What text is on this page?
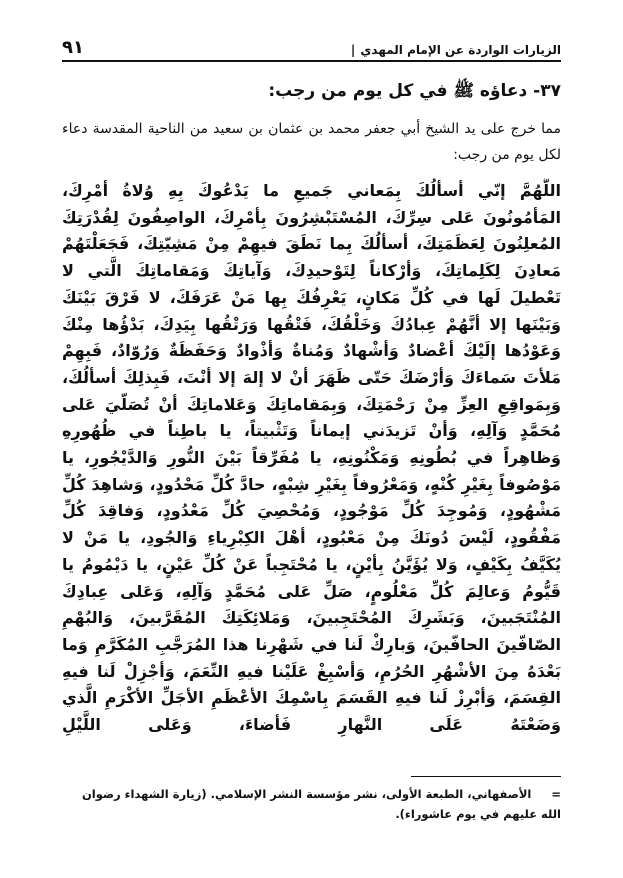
الزيارات الواردة عن الإمام المهدي |
٩١
٣٧- دعاؤه ﷺ في كل يوم من رجب:
مما خرج على يد الشيخ أبي جعفر محمد بن عثمان بن سعيد من الناحية المقدسة دعاء لكل يوم من رجب:
اللَّهُمَّ إنّي أسألُكَ بِمَعاني جَميعِ ما يَدْعُوكَ بِهِ وُلاةُ أمْرِكَ، المَأمُونُونَ عَلى سِرِّكَ، المُسْتَبْشِرُونَ بِأمْرِكَ، الواصِفُونَ لِقُدْرَتِكَ المُعلِنُونَ لِعَظَمَتِكَ، أسألُكَ بِما نَطَقَ فيهِمْ مِنْ مَشِيّتِكَ، فَجَعَلْتَهُمْ مَعادِنَ لِكَلِماتِكَ، وَأرْكاناً لِتَوْحيدِكَ، وَآياتِكَ وَمَقاماتِكَ الَّتي لا تَعْطيلَ لَها في كُلِّ مَكانٍ، يَعْرِفُكَ بِها مَنْ عَرَفَكَ، لا فَرْقَ بَيْنَكَ وَبَيْنَها إلا أنَّهُمْ عِبادُكَ وَخَلْقُكَ، فَتْقُها وَرَتْقُها بِيَدِكَ، بَدْؤُها مِنْكَ وَعَوْدُها إلَيْكَ أعْضادٌ وَأشْهادٌ وَمُناةٌ وَأذْوادٌ وَحَفَظَةٌ وَرُوّادٌ، فَبِهِمْ مَلأتَ سَماءَكَ وَأرْضَكَ حَتّى ظَهَرَ أنْ لا إلهَ إلا أنْتَ، فَبِذلِكَ أسألُكَ، وَبِمَواقِعِ العِزِّ مِنْ رَحْمَتِكَ، وَبِمَقاماتِكَ وَعَلاماتِكَ أنْ تُصَلّيَ عَلى مُحَمَّدٍ وَآلِهِ، وَأنْ تَزيدَني إيماناً وَتَثْبيتاً، يا باطِناً في ظُهُورِهِ وَظاهِراً في بُطُونِهِ وَمَكْنُونِهِ، يا مُفَرِّقاً بَيْنَ النُّورِ وَالدَّيْجُورِ، يا مَوْصُوفاً بِغَيْرِ كُنْهٍ، وَمَعْرُوفاً بِغَيْرِ شِبْهٍ، حادَّ كُلِّ مَحْدُودٍ، وَشاهِدَ كُلِّ مَشْهُودٍ، وَمُوجِدَ كُلِّ مَوْجُودٍ، وَمُحْصِيَ كُلِّ مَعْدُودٍ، وَفاقِدَ كُلِّ مَفْقُودٍ، لَيْسَ دُونَكَ مِنْ مَعْبُودٍ، أهْلَ الكِبْرِياءِ وَالجُودِ، يا مَنْ لا يُكَيَّفُ بِكَيْفٍ، وَلا يُؤَيَّنُ بِأيْنٍ، يا مُحْتَجِباً عَنْ كُلِّ عَيْنٍ، يا دَيْمُومُ يا قَيُّومُ وَعالِمَ كُلِّ مَعْلُومٍ، صَلِّ عَلى مُحَمَّدٍ وَآلِهِ، وَعَلى عِبادِكَ المُنْتَجَبينَ، وَبَشَرِكَ المُحْتَجِبينَ، وَمَلائِكَتِكَ المُقَرَّبينَ، وَالبُهْمِ الصّافّينَ الحافّينَ، وَبارِكْ لَنا في شَهْرِنا هذا المُرَجَّبِ المُكَرَّمِ وَما بَعْدَهُ مِنَ الأشْهُرِ الحُرُمِ، وَأسْبِغْ عَلَيْنا فيهِ النِّعَمَ، وَأجْزِلْ لَنا فيهِ القِسَمَ، وَأبْرِزْ لَنا فيهِ القَسَمَ بِاسْمِكَ الأعْظَمِ الأجَلِّ الأكْرَمِ الَّذي وَضَعْتَهُ عَلَى النَّهارِ فَأضاءَ، وَعَلى اللَّيْلِ
= الأصفهاني، الطبعة الأولى، نشر مؤسسة النشر الإسلامي. (زيارة الشهداء رضوان الله عليهم في يوم عاشوراء).
